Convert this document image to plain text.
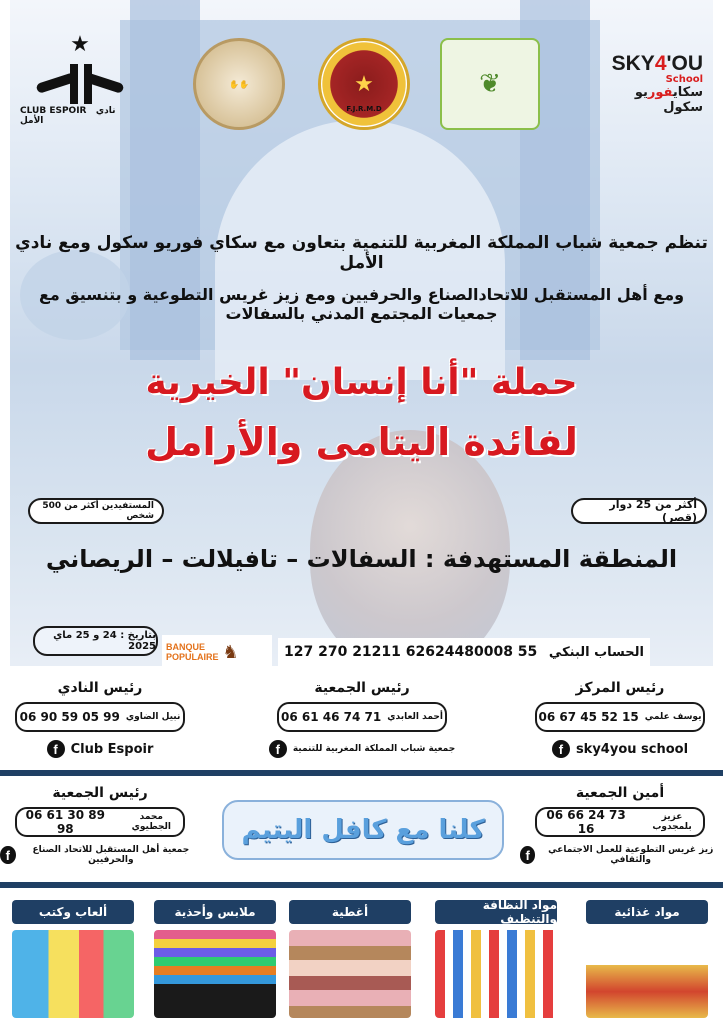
★
CLUB ESPOIR نادي الأمل
✋✋	★
F.J.R.M.D
❦
SKY4'OU
School
سكايفوريو سكول
تنظم جمعية شباب المملكة المغربية للتنمية بتعاون مع سكاي فوريو سكول ومع نادي الأمل
ومع أهل المستقبل للاتحادالصناع والحرفيين ومع زيز غريس التطوعية و بتنسيق مع جمعيات المجتمع المدني بالسفالات
حملة "أنا إنسان" الخيرية
لفائدة اليتامى والأرامل
المستفيدين أكثر من 500 شخص
أكثر من 25 دوار (قصر)
المنطقة المستهدفة : السفالات – تافيلالت – الريصاني
بتاريخ : 24 و 25 ماي 2025 BANQUE
POPULAIRE ♞	127 270 21211 62624480008 55 الحساب البنكي
رئيس المركز
06 67 45 52 15 يوسف علمي
f sky4you school
رئيس الجمعية
06 61 46 74 71 أحمد العابدي
f	جمعية شباب المملكة المغربية للتنمية
رئيس النادي
06 90 59 05 99 نبيل الضاوي
f Club Espoir
أمين الجمعية
06 66 24 73 16
عزيز بلمجدوب
f	زيز غريس التطوعية للعمل الاجتماعي والثقافي
كلنا مع كافل اليتيم
رئيس الجمعية
06 61 30 89 98
محمد الجطيوي
f	جمعية أهل المستقبل للاتحاد الصناع والحرفيين
مواد غذائية
مواد النظافة والتنظيف
أغطية
ملابس وأحذية
ألعاب وكتب
